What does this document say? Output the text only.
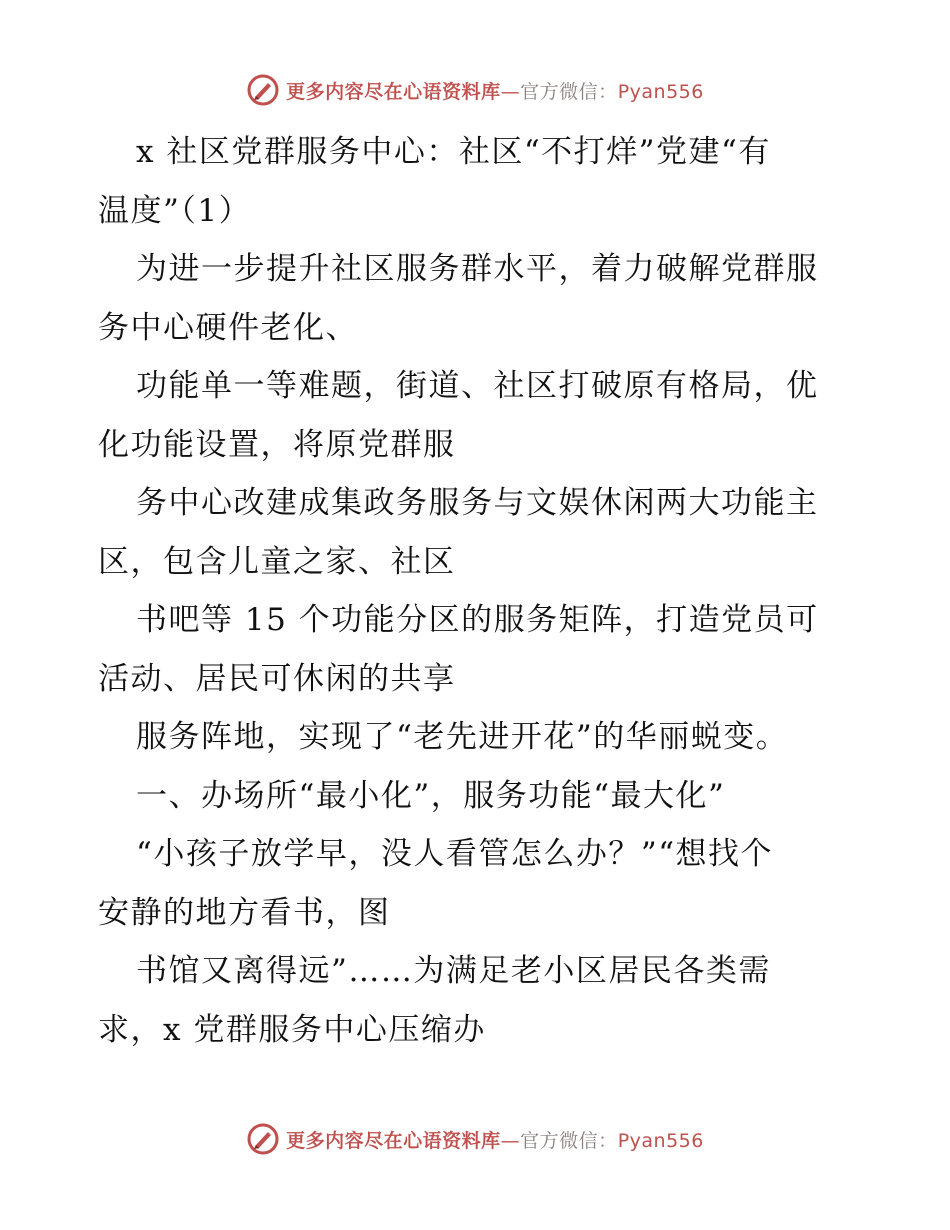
更多内容尽在心语资料库—官方微信：Pyan556
x 社区党群服务中心：社区“不打烊”党建“有
温度”（1）
为进一步提升社区服务群水平，着力破解党群服
务中心硬件老化、
功能单一等难题，街道、社区打破原有格局，优
化功能设置，将原党群服
务中心改建成集政务服务与文娱休闲两大功能主
区，包含儿童之家、社区
书吧等 15 个功能分区的服务矩阵，打造党员可
活动、居民可休闲的共享
服务阵地，实现了“老先进开花”的华丽蜕变。
一、办场所“最小化”，服务功能“最大化”
“小孩子放学早，没人看管怎么办？”“想找个
安静的地方看书，图
书馆又离得远”……为满足老小区居民各类需
求，x 党群服务中心压缩办
更多内容尽在心语资料库—官方微信：Pyan556
